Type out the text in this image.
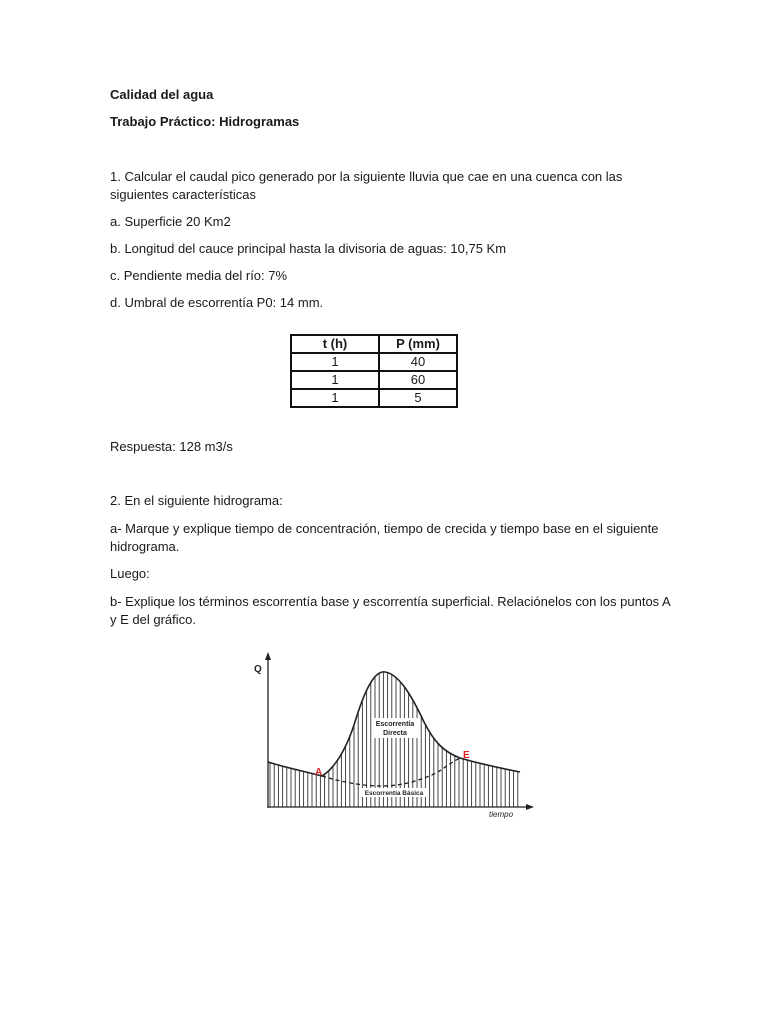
Calidad del agua

Trabajo Práctico: Hidrogramas

1. Calcular el caudal pico generado por la siguiente lluvia que cae en una cuenca con las siguientes características

a. Superficie 20 Km2

b. Longitud del cauce principal hasta la divisoria de aguas: 10,75 Km

c. Pendiente media del río: 7%

d. Umbral de escorrentía P0: 14 mm.

t (h)	P (mm)
1	40
1	60
1	5

Respuesta: 128 m3/s

2. En el siguiente hidrograma:

a- Marque y explique tiempo de concentración, tiempo de crecida y tiempo base en el siguiente hidrograma.

Luego:

b- Explique los términos escorrentía base y escorrentía superficial. Relaciónelos con los puntos A y E del gráfico.

Q
tiempo
Escorrentía
Directa
Escorrentía Básica
A
E
